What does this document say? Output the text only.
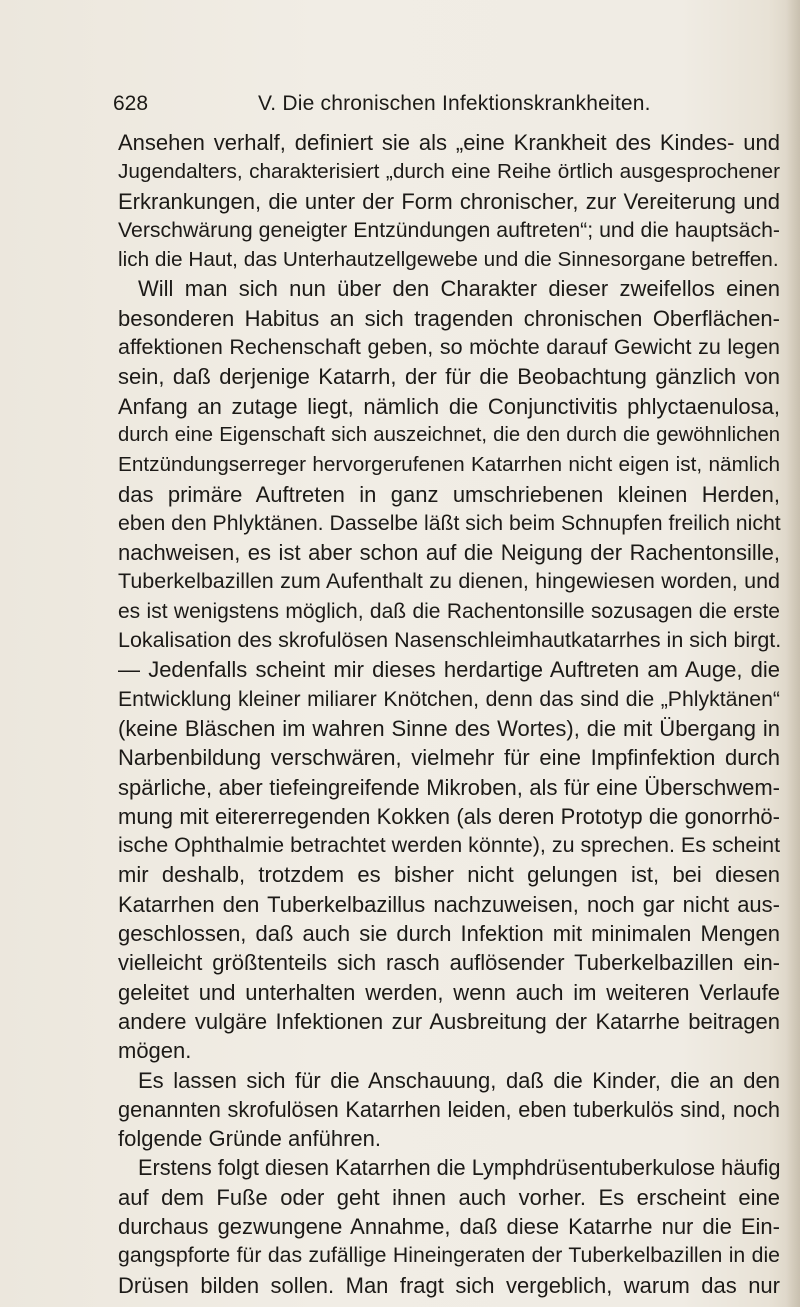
628	V. Die chronischen Infektionskrankheiten.
Ansehen verhalf, definiert sie als „eine Krankheit des Kindes- und
Jugendalters, charakterisiert „durch eine Reihe örtlich ausgesprochener
Erkrankungen, die unter der Form chronischer, zur Vereiterung und
Verschwärung geneigter Entzündungen auftreten“; und die hauptsäch-
lich die Haut, das Unterhautzellgewebe und die Sinnesorgane betreffen.
Will man sich nun über den Charakter dieser zweifellos einen
besonderen Habitus an sich tragenden chronischen Oberflächen-
affektionen Rechenschaft geben, so möchte darauf Gewicht zu legen
sein, daß derjenige Katarrh, der für die Beobachtung gänzlich von
Anfang an zutage liegt, nämlich die Conjunctivitis phlyctaenulosa,
durch eine Eigenschaft sich auszeichnet, die den durch die gewöhnlichen
Entzündungserreger hervorgerufenen Katarrhen nicht eigen ist, nämlich
das primäre Auftreten in ganz umschriebenen kleinen Herden,
eben den Phlyktänen. Dasselbe läßt sich beim Schnupfen freilich nicht
nachweisen, es ist aber schon auf die Neigung der Rachentonsille,
Tuberkelbazillen zum Aufenthalt zu dienen, hingewiesen worden, und
es ist wenigstens möglich, daß die Rachentonsille sozusagen die erste
Lokalisation des skrofulösen Nasenschleimhautkatarrhes in sich birgt.
— Jedenfalls scheint mir dieses herdartige Auftreten am Auge, die
Entwicklung kleiner miliarer Knötchen, denn das sind die „Phlyktänen“
(keine Bläschen im wahren Sinne des Wortes), die mit Übergang in
Narbenbildung verschwären, vielmehr für eine Impfinfektion durch
spärliche, aber tiefeingreifende Mikroben, als für eine Überschwem-
mung mit eitererregenden Kokken (als deren Prototyp die gonorrhö-
ische Ophthalmie betrachtet werden könnte), zu sprechen. Es scheint
mir deshalb, trotzdem es bisher nicht gelungen ist, bei diesen
Katarrhen den Tuberkelbazillus nachzuweisen, noch gar nicht aus-
geschlossen, daß auch sie durch Infektion mit minimalen Mengen
vielleicht größtenteils sich rasch auflösender Tuberkelbazillen ein-
geleitet und unterhalten werden, wenn auch im weiteren Verlaufe
andere vulgäre Infektionen zur Ausbreitung der Katarrhe beitragen
mögen.
Es lassen sich für die Anschauung, daß die Kinder, die an den
genannten skrofulösen Katarrhen leiden, eben tuberkulös sind, noch
folgende Gründe anführen.
Erstens folgt diesen Katarrhen die Lymphdrüsentuberkulose häufig
auf dem Fuße oder geht ihnen auch vorher. Es erscheint eine
durchaus gezwungene Annahme, daß diese Katarrhe nur die Ein-
gangspforte für das zufällige Hineingeraten der Tuberkelbazillen in die
Drüsen bilden sollen. Man fragt sich vergeblich, warum das nur
